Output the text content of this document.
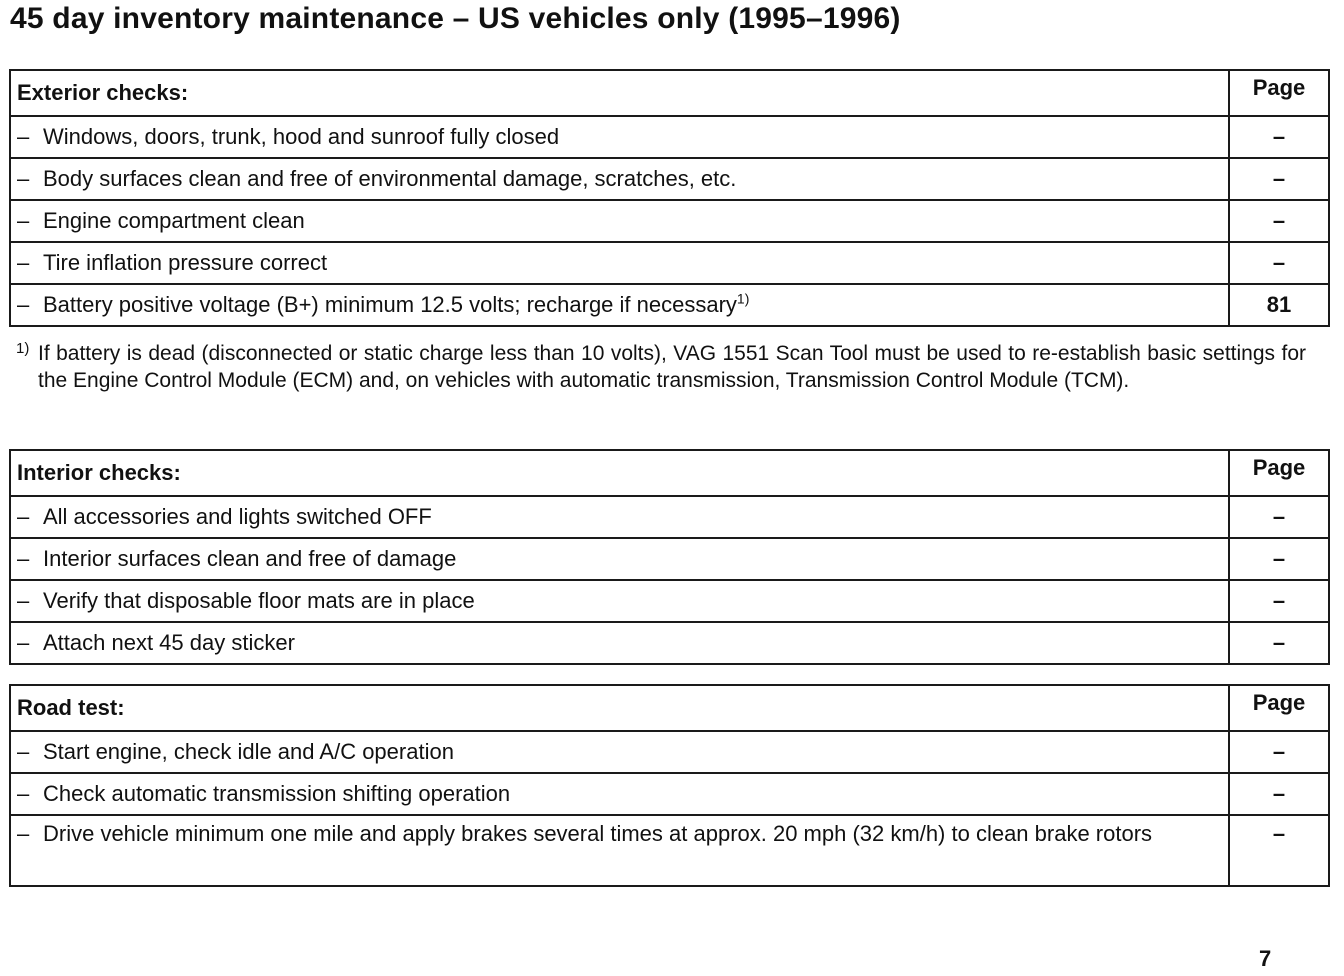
45 day inventory maintenance – US vehicles only (1995–1996)
Exterior checks:	Page

– Windows, doors, trunk, hood and sunroof fully closed	–

– Body surfaces clean and free of environmental damage, scratches, etc.	–

– Engine compartment clean	–

– Tire inflation pressure correct	–

– Battery positive voltage (B+) minimum 12.5 volts; recharge if necessary$^{1)}$	81
1) If battery is dead (disconnected or static charge less than 10 volts), VAG 1551 Scan Tool must be used to re-establish basic settings for the Engine Control Module (ECM) and, on vehicles with automatic transmission, Transmission Control Module (TCM).
Interior checks:	Page

– All accessories and lights switched OFF	–

– Interior surfaces clean and free of damage	–

– Verify that disposable floor mats are in place	–

– Attach next 45 day sticker	–
Road test:	Page

– Start engine, check idle and A/C operation	–

– Check automatic transmission shifting operation	–

– Drive vehicle minimum one mile and apply brakes several times at approx. 20 mph (32 km/h) to clean brake rotors	–
7
